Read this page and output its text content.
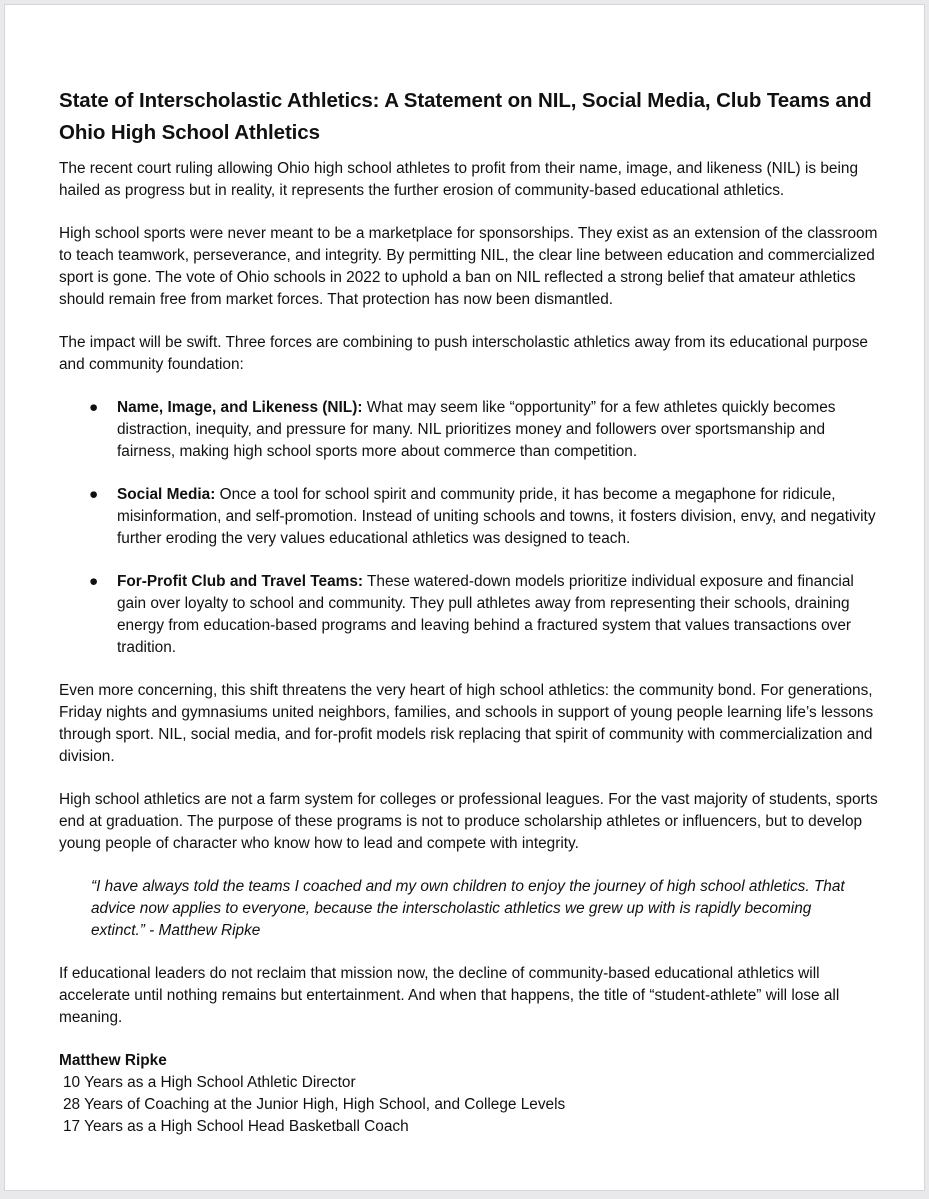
State of Interscholastic Athletics: A Statement on NIL, Social Media, Club Teams and Ohio High School Athletics

The recent court ruling allowing Ohio high school athletes to profit from their name, image, and likeness (NIL) is being hailed as progress but in reality, it represents the further erosion of community-based educational athletics.

High school sports were never meant to be a marketplace for sponsorships. They exist as an extension of the classroom to teach teamwork, perseverance, and integrity. By permitting NIL, the clear line between education and commercialized sport is gone. The vote of Ohio schools in 2022 to uphold a ban on NIL reflected a strong belief that amateur athletics should remain free from market forces. That protection has now been dismantled.

The impact will be swift. Three forces are combining to push interscholastic athletics away from its educational purpose and community foundation:

● Name, Image, and Likeness (NIL): What may seem like “opportunity” for a few athletes quickly becomes distraction, inequity, and pressure for many. NIL prioritizes money and followers over sportsmanship and fairness, making high school sports more about commerce than competition.
● Social Media: Once a tool for school spirit and community pride, it has become a megaphone for ridicule, misinformation, and self-promotion. Instead of uniting schools and towns, it fosters division, envy, and negativity further eroding the very values educational athletics was designed to teach.
● For-Profit Club and Travel Teams: These watered-down models prioritize individual exposure and financial gain over loyalty to school and community. They pull athletes away from representing their schools, draining energy from education-based programs and leaving behind a fractured system that values transactions over tradition.

Even more concerning, this shift threatens the very heart of high school athletics: the community bond. For generations, Friday nights and gymnasiums united neighbors, families, and schools in support of young people learning life’s lessons through sport. NIL, social media, and for-profit models risk replacing that spirit of community with commercialization and division.

High school athletics are not a farm system for colleges or professional leagues. For the vast majority of students, sports end at graduation. The purpose of these programs is not to produce scholarship athletes or influencers, but to develop young people of character who know how to lead and compete with integrity.

“I have always told the teams I coached and my own children to enjoy the journey of high school athletics. That advice now applies to everyone, because the interscholastic athletics we grew up with is rapidly becoming extinct.” - Matthew Ripke

If educational leaders do not reclaim that mission now, the decline of community-based educational athletics will accelerate until nothing remains but entertainment. And when that happens, the title of “student-athlete” will lose all meaning.

Matthew Ripke
10 Years as a High School Athletic Director
28 Years of Coaching at the Junior High, High School, and College Levels
17 Years as a High School Head Basketball Coach
